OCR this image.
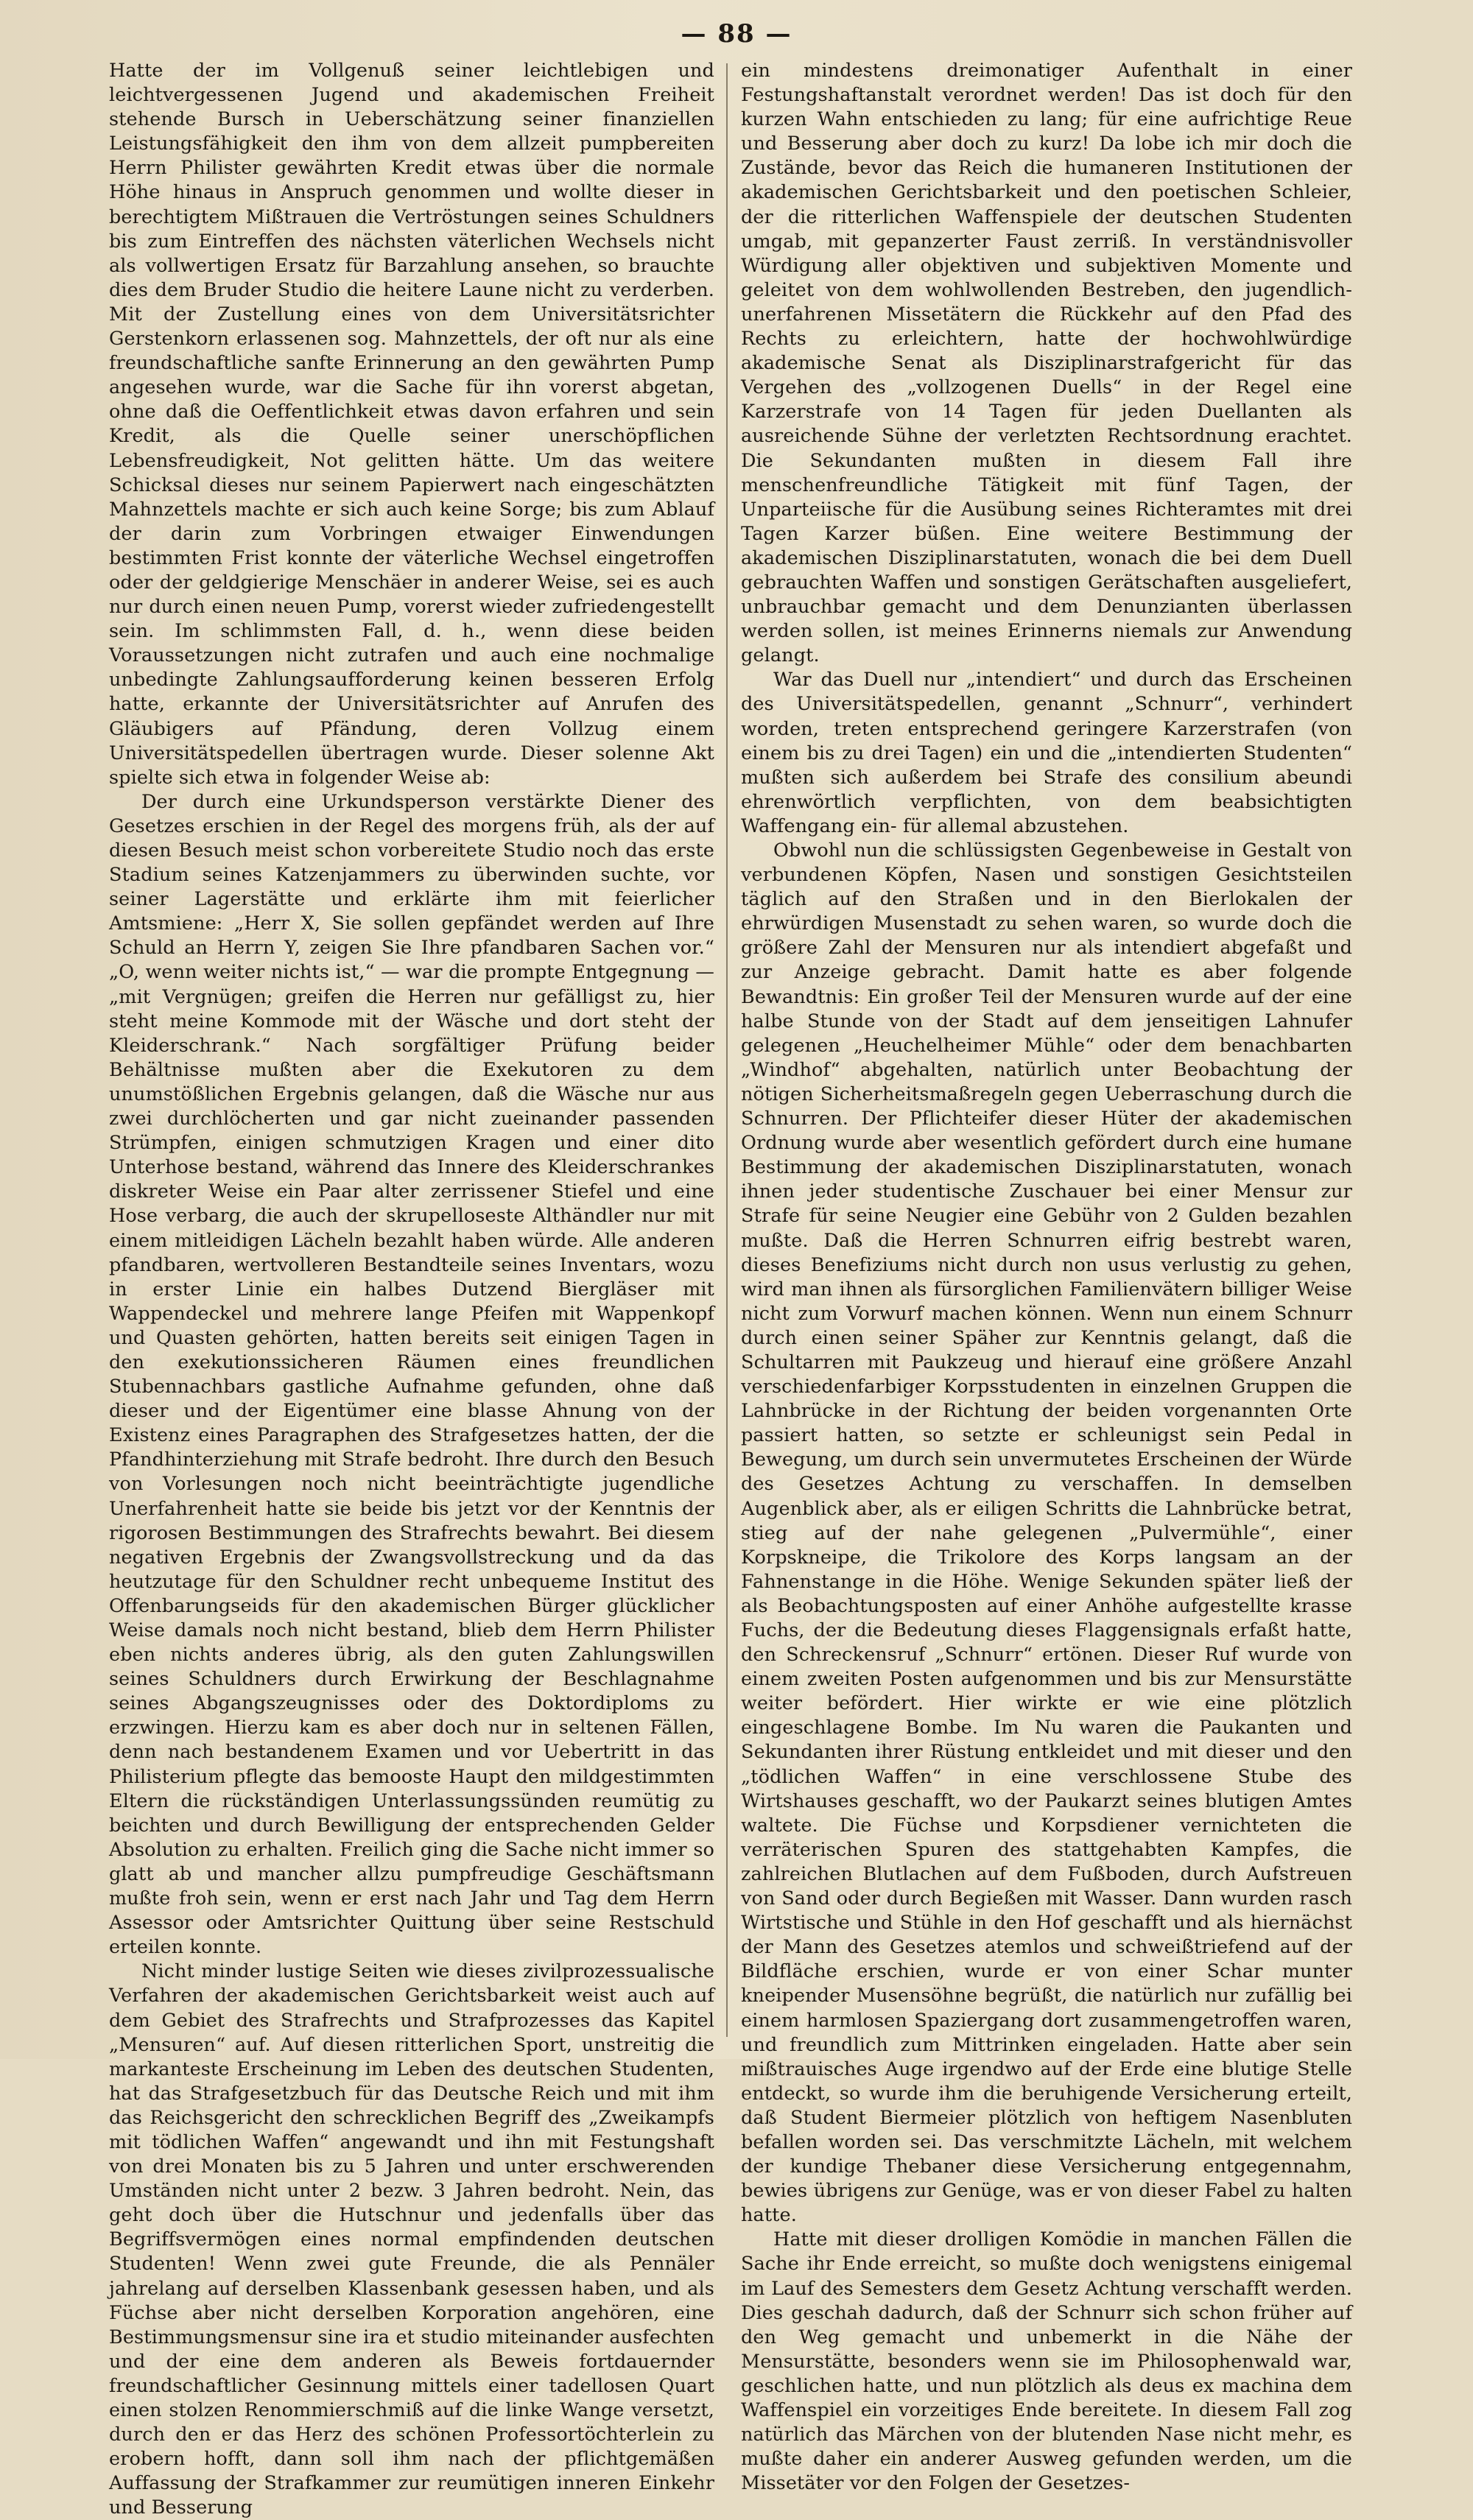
— 88 —

Hatte der im Vollgenuß seiner leichtlebigen und leichtvergessenen Jugend und akademischen Freiheit stehende Bursch in Ueberschätzung seiner finanziellen Leistungsfähigkeit den ihm von dem allzeit pumpbereiten Herrn Philister gewährten Kredit etwas über die normale Höhe hinaus in Anspruch genommen und wollte dieser in berechtigtem Mißtrauen die Vertröstungen seines Schuldners bis zum Eintreffen des nächsten väterlichen Wechsels nicht als vollwertigen Ersatz für Barzahlung ansehen, so brauchte dies dem Bruder Studio die heitere Laune nicht zu verderben. Mit der Zustellung eines von dem Universitätsrichter Gerstenkorn erlassenen sog. Mahnzettels, der oft nur als eine freundschaftliche sanfte Erinnerung an den gewährten Pump angesehen wurde, war die Sache für ihn vorerst abgetan, ohne daß die Oeffentlichkeit etwas davon erfahren und sein Kredit, als die Quelle seiner unerschöpflichen Lebensfreudigkeit, Not gelitten hätte. Um das weitere Schicksal dieses nur seinem Papierwert nach eingeschätzten Mahnzettels machte er sich auch keine Sorge; bis zum Ablauf der darin zum Vorbringen etwaiger Einwendungen bestimmten Frist konnte der väterliche Wechsel eingetroffen oder der geldgierige Menschäer in anderer Weise, sei es auch nur durch einen neuen Pump, vorerst wieder zufriedengestellt sein. Im schlimmsten Fall, d. h., wenn diese beiden Voraussetzungen nicht zutrafen und auch eine nochmalige unbedingte Zahlungsaufforderung keinen besseren Erfolg hatte, erkannte der Universitätsrichter auf Anrufen des Gläubigers auf Pfändung, deren Vollzug einem Universitätspedellen übertragen wurde. Dieser solenne Akt spielte sich etwa in folgender Weise ab:

Der durch eine Urkundsperson verstärkte Diener des Gesetzes erschien in der Regel des morgens früh, als der auf diesen Besuch meist schon vorbereitete Studio noch das erste Stadium seines Katzenjammers zu überwinden suchte, vor seiner Lagerstätte und erklärte ihm mit feierlicher Amtsmiene: „Herr X, Sie sollen gepfändet werden auf Ihre Schuld an Herrn Y, zeigen Sie Ihre pfandbaren Sachen vor.“ „O, wenn weiter nichts ist,“ — war die prompte Entgegnung — „mit Vergnügen; greifen die Herren nur gefälligst zu, hier steht meine Kommode mit der Wäsche und dort steht der Kleiderschrank.“ Nach sorgfältiger Prüfung beider Behältnisse mußten aber die Exekutoren zu dem unumstößlichen Ergebnis gelangen, daß die Wäsche nur aus zwei durchlöcherten und gar nicht zueinander passenden Strümpfen, einigen schmutzigen Kragen und einer dito Unterhose bestand, während das Innere des Kleiderschrankes diskreter Weise ein Paar alter zerrissener Stiefel und eine Hose verbarg, die auch der skrupelloseste Althändler nur mit einem mitleidigen Lächeln bezahlt haben würde. Alle anderen pfandbaren, wertvolleren Bestandteile seines Inventars, wozu in erster Linie ein halbes Dutzend Biergläser mit Wappendeckel und mehrere lange Pfeifen mit Wappenkopf und Quasten gehörten, hatten bereits seit einigen Tagen in den exekutionssicheren Räumen eines freundlichen Stubennachbars gastliche Aufnahme gefunden, ohne daß dieser und der Eigentümer eine blasse Ahnung von der Existenz eines Paragraphen des Strafgesetzes hatten, der die Pfandhinterziehung mit Strafe bedroht. Ihre durch den Besuch von Vorlesungen noch nicht beeinträchtigte jugendliche Unerfahrenheit hatte sie beide bis jetzt vor der Kenntnis der rigorosen Bestimmungen des Strafrechts bewahrt. Bei diesem negativen Ergebnis der Zwangsvollstreckung und da das heutzutage für den Schuldner recht unbequeme Institut des Offenbarungseids für den akademischen Bürger glücklicher Weise damals noch nicht bestand, blieb dem Herrn Philister eben nichts anderes übrig, als den guten Zahlungswillen seines Schuldners durch Erwirkung der Beschlagnahme seines Abgangszeugnisses oder des Doktordiploms zu erzwingen. Hierzu kam es aber doch nur in seltenen Fällen, denn nach bestandenem Examen und vor Uebertritt in das Philisterium pflegte das bemooste Haupt den mildgestimmten Eltern die rückständigen Unterlassungssünden reumütig zu beichten und durch Bewilligung der entsprechenden Gelder Absolution zu erhalten. Freilich ging die Sache nicht immer so glatt ab und mancher allzu pumpfreudige Geschäftsmann mußte froh sein, wenn er erst nach Jahr und Tag dem Herrn Assessor oder Amtsrichter Quittung über seine Restschuld erteilen konnte.

Nicht minder lustige Seiten wie dieses zivilprozessualische Verfahren der akademischen Gerichtsbarkeit weist auch auf dem Gebiet des Strafrechts und Strafprozesses das Kapitel „Mensuren“ auf. Auf diesen ritterlichen Sport, unstreitig die markanteste Erscheinung im Leben des deutschen Studenten, hat das Strafgesetzbuch für das Deutsche Reich und mit ihm das Reichsgericht den schrecklichen Begriff des „Zweikampfs mit tödlichen Waffen“ angewandt und ihn mit Festungshaft von drei Monaten bis zu 5 Jahren und unter erschwerenden Umständen nicht unter 2 bezw. 3 Jahren bedroht. Nein, das geht doch über die Hutschnur und jedenfalls über das Begriffsvermögen eines normal empfindenden deutschen Studenten! Wenn zwei gute Freunde, die als Pennäler jahrelang auf derselben Klassenbank gesessen haben, und als Füchse aber nicht derselben Korporation angehören, eine Bestimmungsmensur sine ira et studio miteinander ausfechten und der eine dem anderen als Beweis fortdauernder freundschaftlicher Gesinnung mittels einer tadellosen Quart einen stolzen Renommierschmiß auf die linke Wange versetzt, durch den er das Herz des schönen Professortöchterlein zu erobern hofft, dann soll ihm nach der pflichtgemäßen Auffassung der Strafkammer zur reumütigen inneren Einkehr und Besserung

ein mindestens dreimonatiger Aufenthalt in einer Festungshaftanstalt verordnet werden! Das ist doch für den kurzen Wahn entschieden zu lang; für eine aufrichtige Reue und Besserung aber doch zu kurz! Da lobe ich mir doch die Zustände, bevor das Reich die humaneren Institutionen der akademischen Gerichtsbarkeit und den poetischen Schleier, der die ritterlichen Waffenspiele der deutschen Studenten umgab, mit gepanzerter Faust zerriß. In verständnisvoller Würdigung aller objektiven und subjektiven Momente und geleitet von dem wohlwollenden Bestreben, den jugendlich-unerfahrenen Missetätern die Rückkehr auf den Pfad des Rechts zu erleichtern, hatte der hochwohlwürdige akademische Senat als Disziplinarstrafgericht für das Vergehen des „vollzogenen Duells“ in der Regel eine Karzerstrafe von 14 Tagen für jeden Duellanten als ausreichende Sühne der verletzten Rechtsordnung erachtet. Die Sekundanten mußten in diesem Fall ihre menschenfreundliche Tätigkeit mit fünf Tagen, der Unparteiische für die Ausübung seines Richteramtes mit drei Tagen Karzer büßen. Eine weitere Bestimmung der akademischen Disziplinarstatuten, wonach die bei dem Duell gebrauchten Waffen und sonstigen Gerätschaften ausgeliefert, unbrauchbar gemacht und dem Denunzianten überlassen werden sollen, ist meines Erinnerns niemals zur Anwendung gelangt.

War das Duell nur „intendiert“ und durch das Erscheinen des Universitätspedellen, genannt „Schnurr“, verhindert worden, treten entsprechend geringere Karzerstrafen (von einem bis zu drei Tagen) ein und die „intendierten Studenten“ mußten sich außerdem bei Strafe des consilium abeundi ehrenwörtlich verpflichten, von dem beabsichtigten Waffengang ein- für allemal abzustehen.

Obwohl nun die schlüssigsten Gegenbeweise in Gestalt von verbundenen Köpfen, Nasen und sonstigen Gesichtsteilen täglich auf den Straßen und in den Bierlokalen der ehrwürdigen Musenstadt zu sehen waren, so wurde doch die größere Zahl der Mensuren nur als intendiert abgefaßt und zur Anzeige gebracht. Damit hatte es aber folgende Bewandtnis: Ein großer Teil der Mensuren wurde auf der eine halbe Stunde von der Stadt auf dem jenseitigen Lahnufer gelegenen „Heuchelheimer Mühle“ oder dem benachbarten „Windhof“ abgehalten, natürlich unter Beobachtung der nötigen Sicherheitsmaßregeln gegen Ueberraschung durch die Schnurren. Der Pflichteifer dieser Hüter der akademischen Ordnung wurde aber wesentlich gefördert durch eine humane Bestimmung der akademischen Disziplinarstatuten, wonach ihnen jeder studentische Zuschauer bei einer Mensur zur Strafe für seine Neugier eine Gebühr von 2 Gulden bezahlen mußte. Daß die Herren Schnurren eifrig bestrebt waren, dieses Benefiziums nicht durch non usus verlustig zu gehen, wird man ihnen als fürsorglichen Familienvätern billiger Weise nicht zum Vorwurf machen können. Wenn nun einem Schnurr durch einen seiner Späher zur Kenntnis gelangt, daß die Schultarren mit Paukzeug und hierauf eine größere Anzahl verschiedenfarbiger Korpsstudenten in einzelnen Gruppen die Lahnbrücke in der Richtung der beiden vorgenannten Orte passiert hatten, so setzte er schleunigst sein Pedal in Bewegung, um durch sein unvermutetes Erscheinen der Würde des Gesetzes Achtung zu verschaffen. In demselben Augenblick aber, als er eiligen Schritts die Lahnbrücke betrat, stieg auf der nahe gelegenen „Pulvermühle“, einer Korpskneipe, die Trikolore des Korps langsam an der Fahnenstange in die Höhe. Wenige Sekunden später ließ der als Beobachtungsposten auf einer Anhöhe aufgestellte krasse Fuchs, der die Bedeutung dieses Flaggensignals erfaßt hatte, den Schreckensruf „Schnurr“ ertönen. Dieser Ruf wurde von einem zweiten Posten aufgenommen und bis zur Mensurstätte weiter befördert. Hier wirkte er wie eine plötzlich eingeschlagene Bombe. Im Nu waren die Paukanten und Sekundanten ihrer Rüstung entkleidet und mit dieser und den „tödlichen Waffen“ in eine verschlossene Stube des Wirtshauses geschafft, wo der Paukarzt seines blutigen Amtes waltete. Die Füchse und Korpsdiener vernichteten die verräterischen Spuren des stattgehabten Kampfes, die zahlreichen Blutlachen auf dem Fußboden, durch Aufstreuen von Sand oder durch Begießen mit Wasser. Dann wurden rasch Wirtstische und Stühle in den Hof geschafft und als hiernächst der Mann des Gesetzes atemlos und schweißtriefend auf der Bildfläche erschien, wurde er von einer Schar munter kneipender Musensöhne begrüßt, die natürlich nur zufällig bei einem harmlosen Spaziergang dort zusammengetroffen waren, und freundlich zum Mittrinken eingeladen. Hatte aber sein mißtrauisches Auge irgendwo auf der Erde eine blutige Stelle entdeckt, so wurde ihm die beruhigende Versicherung erteilt, daß Student Biermeier plötzlich von heftigem Nasenbluten befallen worden sei. Das verschmitzte Lächeln, mit welchem der kundige Thebaner diese Versicherung entgegennahm, bewies übrigens zur Genüge, was er von dieser Fabel zu halten hatte.

Hatte mit dieser drolligen Komödie in manchen Fällen die Sache ihr Ende erreicht, so mußte doch wenigstens einigemal im Lauf des Semesters dem Gesetz Achtung verschafft werden. Dies geschah dadurch, daß der Schnurr sich schon früher auf den Weg gemacht und unbemerkt in die Nähe der Mensurstätte, besonders wenn sie im Philosophenwald war, geschlichen hatte, und nun plötzlich als deus ex machina dem Waffenspiel ein vorzeitiges Ende bereitete. In diesem Fall zog natürlich das Märchen von der blutenden Nase nicht mehr, es mußte daher ein anderer Ausweg gefunden werden, um die Missetäter vor den Folgen der Gesetzes-
